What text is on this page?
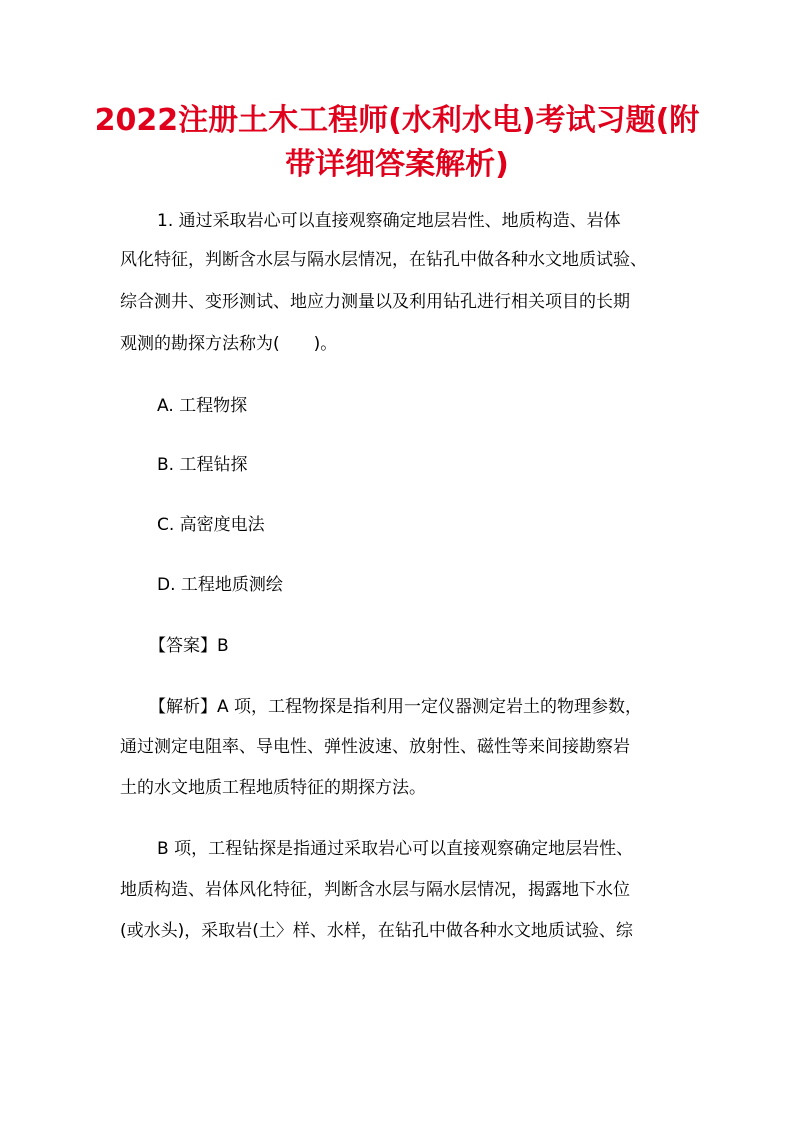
2022注册土木工程师(水利水电)考试习题(附
带详细答案解析)
1. 通过采取岩心可以直接观察确定地层岩性、地质构造、岩体
风化特征，判断含水层与隔水层情况，在钻孔中做各种水文地质试验、
综合测井、变形测试、地应力测量以及利用钻孔进行相关项目的长期
观测的勘探方法称为(　　)。
A. 工程物探
B. 工程钻探
C. 高密度电法
D. 工程地质测绘
【答案】B
【解析】A 项，工程物探是指利用一定仪器测定岩土的物理参数，
通过测定电阻率、导电性、弹性波速、放射性、磁性等来间接勘察岩
土的水文地质工程地质特征的期探方法。
B 项，工程钻探是指通过采取岩心可以直接观察确定地层岩性、
地质构造、岩体风化特征，判断含水层与隔水层情况，揭露地下水位
(或水头)，采取岩(土〉样、水样，在钻孔中做各种水文地质试验、综
